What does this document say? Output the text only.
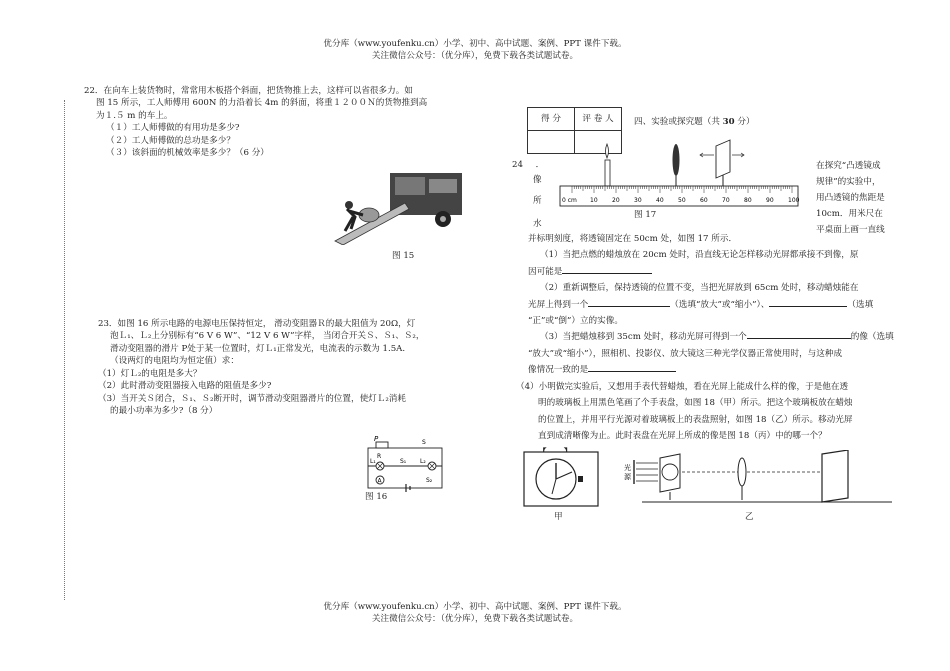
优分库（www.youfenku.cn）小学、初中、高中试题、案例、PPT 课件下载。
关注微信公众号：（优分库），免费下载各类试题试卷。
22．在向车上装货物时，常常用木板搭个斜面，把货物推上去，这样可以省很多力。如
图 15 所示，工人师傅用 600N 的力沿着长 4m 的斜面，将重１２００Ｎ的货物推到高
为１.５ m 的车上。
（１）工人师傅做的有用功是多少?
（２）工人师傅做的总功是多少？
（３）该斜面的机械效率是多少？（6 分）
图 15
23．如图 16 所示电路的电源电压保持恒定， 滑动变阻器Ｒ的最大阻值为 20Ω，灯
泡Ｌ₁、Ｌ₂上分别标有“6 V 6 W”、“12 V 6 W”字样， 当闭合开关Ｓ、Ｓ₁、Ｓ₂，
滑动变阻器的滑片 P处于某一位置时，灯Ｌ₁正常发光，电流表的示数为 1.5A.
（设两灯的电阻均为恒定值）求：
（1）灯Ｌ₂的电阻是多大？
（2）此时滑动变阻器接入电路的阻值是多少?
（3）当开关Ｓ闭合，Ｓ₁、Ｓ₂断开时，调节滑动变阻器滑片的位置，使灯Ｌ₂消耗
的最小功率为多少?（8 分）
P
R
S
S₁
S₂
L₁	L₂
A
图 16
得 分	评 卷 人
	四、实验或探究题（共 30 分）
24 ．
像
所
水
在探究“凸透镜成
规律”的实验中，
用凸透镜的焦距是
10cm．用米尺在
平桌面上画一直线
0 cm 10 20 30 40 50 60 70 80 90 100
图 17
并标明刻度，将透镜固定在 50cm 处，如图 17 所示．
（1）当把点燃的蜡烛放在 20cm 处时，沿直线无论怎样移动光屏都承接不到像，原
因可能是
（2）重新调整后，保持透镜的位置不变，当把光屏放到 65cm 处时，移动蜡烛能在
光屏上得到一个	（选填“放大”或“缩小”）、	（选填
“正”或“倒”）立的实像。
（3）当把蜡烛移到 35cm 处时，移动光屏可得到一个	的像（选填
“放大”或“缩小”），照相机、投影仪、放大镜这三种光学仪器正常使用时，与这种成
像情况一致的是
（4）小明做完实验后，又想用手表代替蜡烛，看在光屏上能成什么样的像，于是他在透
明的玻璃板上用黑色笔画了个手表盘，如图 18（甲）所示。把这个玻璃板放在蜡烛
的位置上，并用平行光源对着玻璃板上的表盘照射，如图 18（乙）所示。移动光屏
直到成清晰像为止。此时表盘在光屏上所成的像是图 18（丙）中的哪一个？
甲
光
源
乙
优分库（www.youfenku.cn）小学、初中、高中试题、案例、PPT 课件下载。
关注微信公众号：（优分库），免费下载各类试题试卷。
